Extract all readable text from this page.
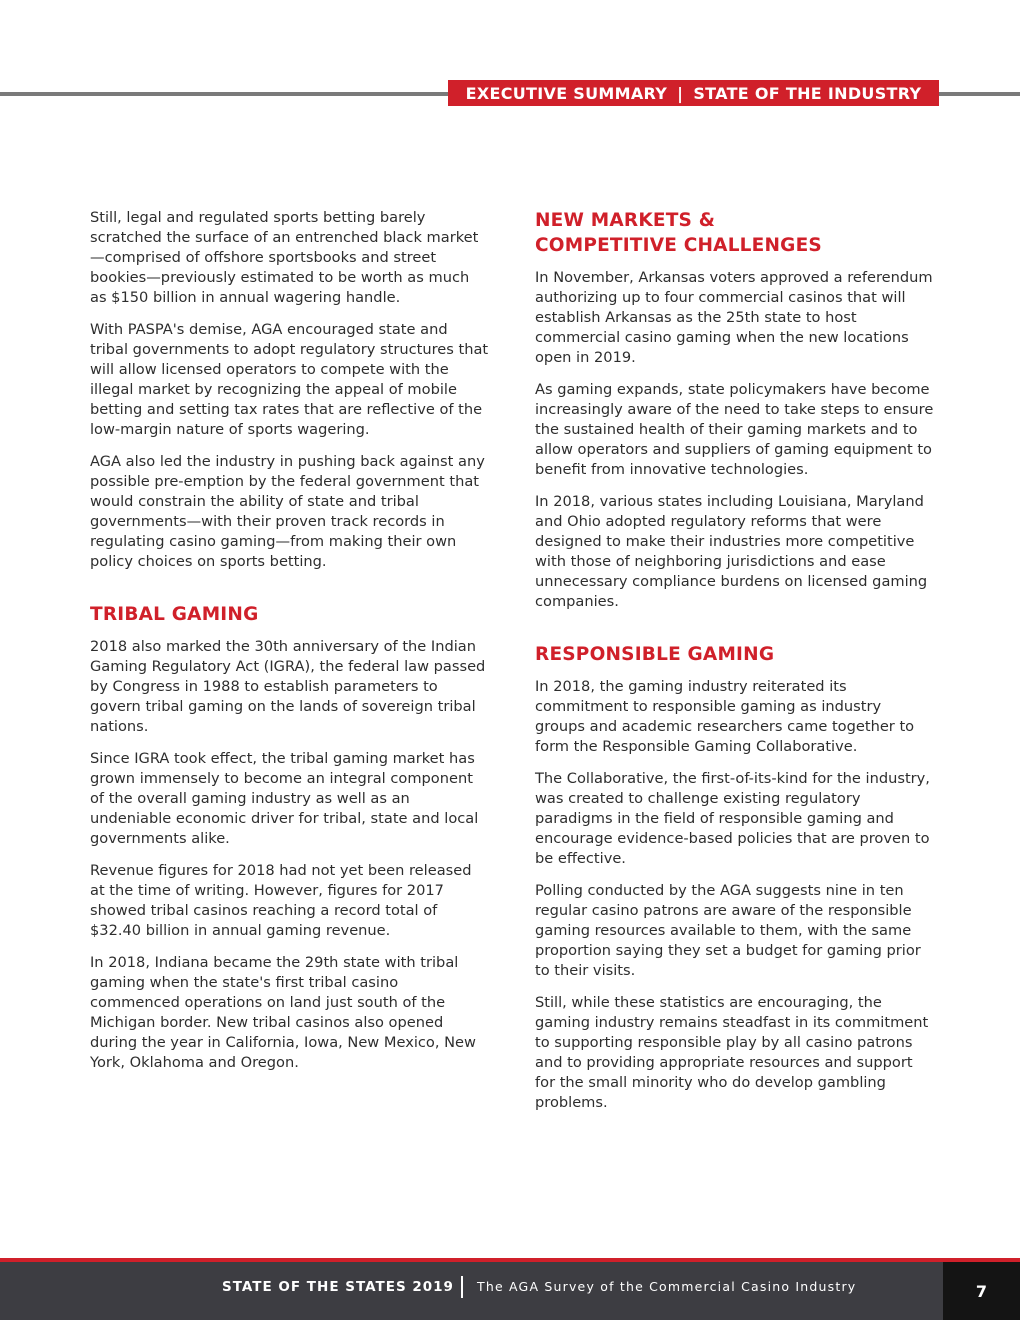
EXECUTIVE SUMMARY | STATE OF THE INDUSTRY

Still, legal and regulated sports betting barely scratched the surface of an entrenched black market—comprised of offshore sportsbooks and street bookies—previously estimated to be worth as much as $150 billion in annual wagering handle.

With PASPA's demise, AGA encouraged state and tribal governments to adopt regulatory structures that will allow licensed operators to compete with the illegal market by recognizing the appeal of mobile betting and setting tax rates that are reflective of the low-margin nature of sports wagering.

AGA also led the industry in pushing back against any possible pre-emption by the federal government that would constrain the ability of state and tribal governments—with their proven track records in regulating casino gaming—from making their own policy choices on sports betting.

TRIBAL GAMING

2018 also marked the 30th anniversary of the Indian Gaming Regulatory Act (IGRA), the federal law passed by Congress in 1988 to establish parameters to govern tribal gaming on the lands of sovereign tribal nations.

Since IGRA took effect, the tribal gaming market has grown immensely to become an integral component of the overall gaming industry as well as an undeniable economic driver for tribal, state and local governments alike.

Revenue figures for 2018 had not yet been released at the time of writing. However, figures for 2017 showed tribal casinos reaching a record total of $32.40 billion in annual gaming revenue.

In 2018, Indiana became the 29th state with tribal gaming when the state's first tribal casino commenced operations on land just south of the Michigan border. New tribal casinos also opened during the year in California, Iowa, New Mexico, New York, Oklahoma and Oregon.

NEW MARKETS &
COMPETITIVE CHALLENGES

In November, Arkansas voters approved a referendum authorizing up to four commercial casinos that will establish Arkansas as the 25th state to host commercial casino gaming when the new locations open in 2019.

As gaming expands, state policymakers have become increasingly aware of the need to take steps to ensure the sustained health of their gaming markets and to allow operators and suppliers of gaming equipment to benefit from innovative technologies.

In 2018, various states including Louisiana, Maryland and Ohio adopted regulatory reforms that were designed to make their industries more competitive with those of neighboring jurisdictions and ease unnecessary compliance burdens on licensed gaming companies.

RESPONSIBLE GAMING

In 2018, the gaming industry reiterated its commitment to responsible gaming as industry groups and academic researchers came together to form the Responsible Gaming Collaborative.

The Collaborative, the first-of-its-kind for the industry, was created to challenge existing regulatory paradigms in the field of responsible gaming and encourage evidence-based policies that are proven to be effective.

Polling conducted by the AGA suggests nine in ten regular casino patrons are aware of the responsible gaming resources available to them, with the same proportion saying they set a budget for gaming prior to their visits.

Still, while these statistics are encouraging, the gaming industry remains steadfast in its commitment to supporting responsible play by all casino patrons and to providing appropriate resources and support for the small minority who do develop gambling problems.

STATE OF THE STATES 2019 The AGA Survey of the Commercial Casino Industry	7
